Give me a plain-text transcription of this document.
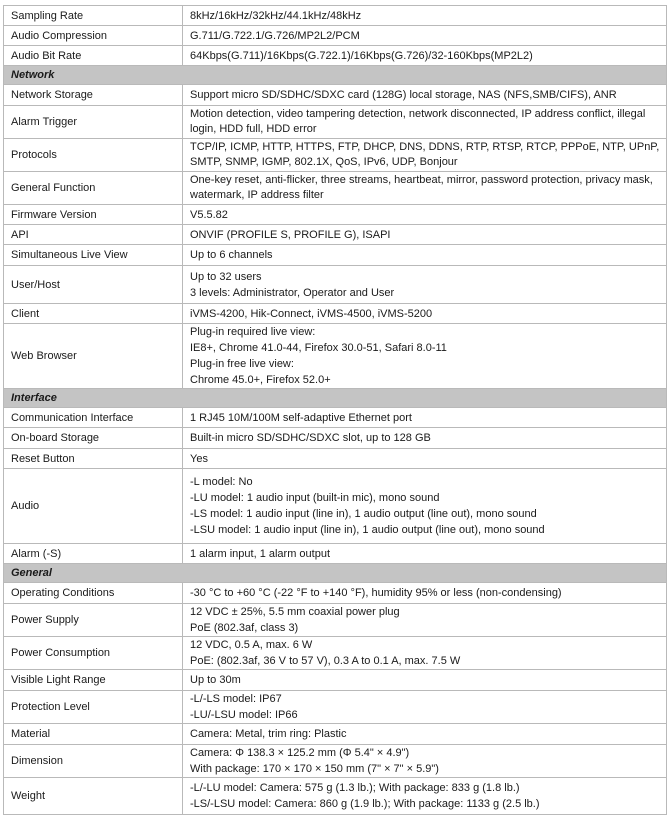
Sampling Rate	8kHz/16kHz/32kHz/44.1kHz/48kHz

Audio Compression	G.711/G.722.1/G.726/MP2L2/PCM

Audio Bit Rate	64Kbps(G.711)/16Kbps(G.722.1)/16Kbps(G.726)/32-160Kbps(MP2L2)

Network	
Network Storage	Support micro SD/SDHC/SDXC card (128G) local storage, NAS (NFS,SMB/CIFS), ANR

Alarm Trigger	Motion detection, video tampering detection, network disconnected, IP address conflict, illegal login, HDD full, HDD error

Protocols	TCP/IP, ICMP, HTTP, HTTPS, FTP, DHCP, DNS, DDNS, RTP, RTSP, RTCP, PPPoE, NTP, UPnP, SMTP, SNMP, IGMP, 802.1X, QoS, IPv6, UDP, Bonjour

General Function	One-key reset, anti-flicker, three streams, heartbeat, mirror, password protection, privacy mask, watermark, IP address filter

Firmware Version	V5.5.82

API	ONVIF (PROFILE S, PROFILE G), ISAPI

Simultaneous Live View	Up to 6 channels

User/Host	Up to 32 users
3 levels: Administrator, Operator and User

Client	iVMS-4200, Hik-Connect, iVMS-4500, iVMS-5200

Web Browser	Plug-in required live view:
IE8+, Chrome 41.0-44, Firefox 30.0-51, Safari 8.0-11
Plug-in free live view:
Chrome 45.0+, Firefox 52.0+

Interface	
Communication Interface	1 RJ45 10M/100M self-adaptive Ethernet port

On-board Storage	Built-in micro SD/SDHC/SDXC slot, up to 128 GB

Reset Button	Yes

Audio	-L model: No
-LU model: 1 audio input (built-in mic), mono sound
-LS model: 1 audio input (line in), 1 audio output (line out), mono sound
-LSU model: 1 audio input (line in), 1 audio output (line out), mono sound

Alarm (-S)	1 alarm input, 1 alarm output

General	
Operating Conditions	-30 °C to +60 °C (-22 °F to +140 °F), humidity 95% or less (non-condensing)

Power Supply	12 VDC ± 25%, 5.5 mm coaxial power plug
PoE (802.3af, class 3)

Power Consumption	12 VDC, 0.5 A, max. 6 W
PoE: (802.3af, 36 V to 57 V), 0.3 A to 0.1 A, max. 7.5 W

Visible Light Range	Up to 30m

Protection Level	-L/-LS model: IP67
-LU/-LSU model: IP66

Material	Camera: Metal, trim ring: Plastic

Dimension	Camera: Φ 138.3 × 125.2 mm (Φ 5.4" × 4.9")
With package: 170 × 170 × 150 mm (7" × 7" × 5.9")

Weight	-L/-LU model: Camera: 575 g (1.3 lb.); With package: 833 g (1.8 lb.)
-LS/-LSU model: Camera: 860 g (1.9 lb.); With package: 1133 g (2.5 lb.)
